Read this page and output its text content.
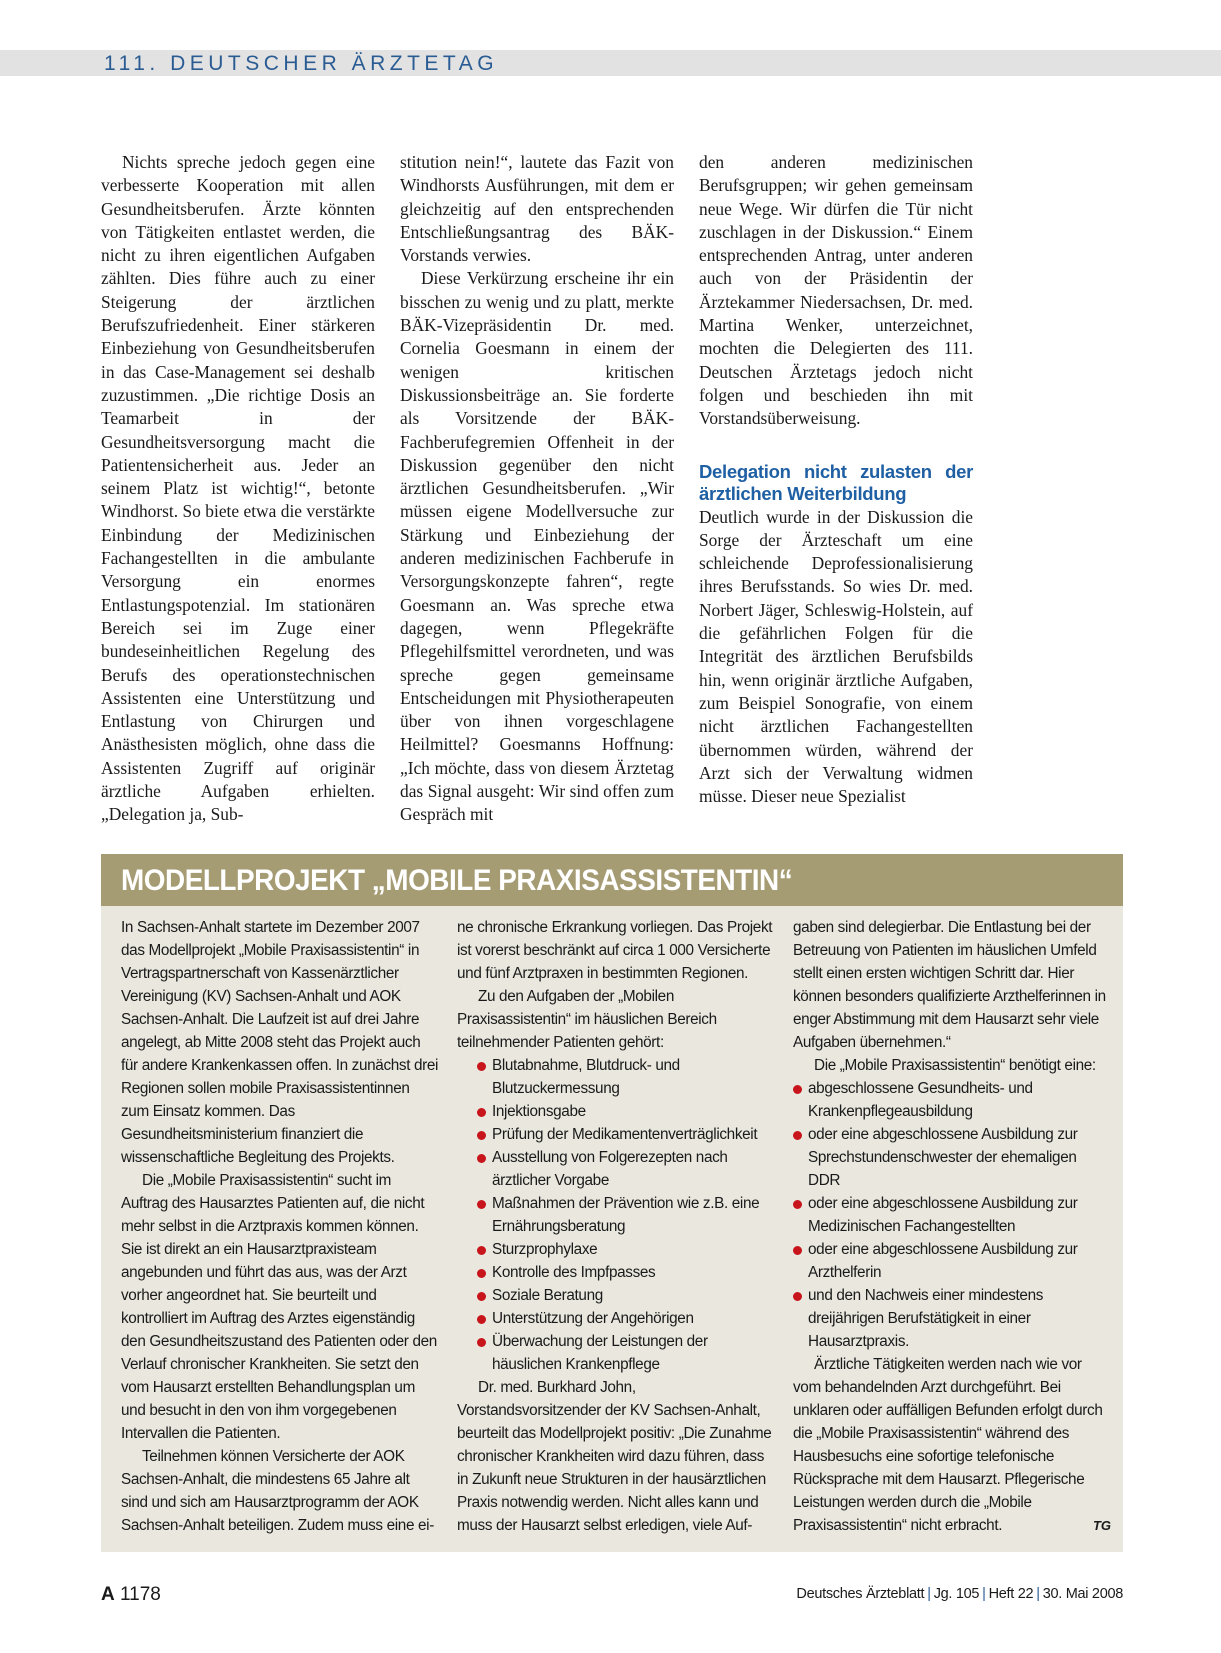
111. DEUTSCHER ÄRZTETAG

Nichts spreche jedoch gegen eine verbesserte Kooperation mit allen Gesundheitsberufen. Ärzte könnten von Tätigkeiten entlastet werden, die nicht zu ihren eigentlichen Aufgaben zählten. Dies führe auch zu einer Steigerung der ärztlichen Berufszufriedenheit. Einer stärkeren Einbeziehung von Gesundheitsberufen in das Case-Management sei deshalb zuzustimmen. „Die richtige Dosis an Teamarbeit in der Gesundheitsversorgung macht die Patientensicherheit aus. Jeder an seinem Platz ist wichtig!“, betonte Windhorst. So biete etwa die verstärkte Einbindung der Medizinischen Fachangestellten in die ambulante Versorgung ein enormes Entlastungspotenzial. Im stationären Bereich sei im Zuge einer bundeseinheitlichen Regelung des Berufs des operationstechnischen Assistenten eine Unterstützung und Entlastung von Chirurgen und Anästhesisten möglich, ohne dass die Assistenten Zugriff auf originär ärztliche Aufgaben erhielten. „Delegation ja, Sub-

stitution nein!“, lautete das Fazit von Windhorsts Ausführungen, mit dem er gleichzeitig auf den entsprechenden Entschließungsantrag des BÄK-Vorstands verwies.

Diese Verkürzung erscheine ihr ein bisschen zu wenig und zu platt, merkte BÄK-Vizepräsidentin Dr. med. Cornelia Goesmann in einem der wenigen kritischen Diskussionsbeiträge an. Sie forderte als Vorsitzende der BÄK-Fachberufegremien Offenheit in der Diskussion gegenüber den nicht ärztlichen Gesundheitsberufen. „Wir müssen eigene Modellversuche zur Stärkung und Einbeziehung der anderen medizinischen Fachberufe in Versorgungskonzepte fahren“, regte Goesmann an. Was spreche etwa dagegen, wenn Pflegekräfte Pflegehilfsmittel verordneten, und was spreche gegen gemeinsame Entscheidungen mit Physiotherapeuten über von ihnen vorgeschlagene Heilmittel? Goesmanns Hoffnung: „Ich möchte, dass von diesem Ärztetag das Signal ausgeht: Wir sind offen zum Gespräch mit

den anderen medizinischen Berufsgruppen; wir gehen gemeinsam neue Wege. Wir dürfen die Tür nicht zuschlagen in der Diskussion.“ Einem entsprechenden Antrag, unter anderen auch von der Präsidentin der Ärztekammer Niedersachsen, Dr. med. Martina Wenker, unterzeichnet, mochten die Delegierten des 111. Deutschen Ärztetags jedoch nicht folgen und beschieden ihn mit Vorstandsüberweisung.

Delegation nicht zulasten der ärztlichen Weiterbildung

Deutlich wurde in der Diskussion die Sorge der Ärzteschaft um eine schleichende Deprofessionalisierung ihres Berufsstands. So wies Dr. med. Norbert Jäger, Schleswig-Holstein, auf die gefährlichen Folgen für die Integrität des ärztlichen Berufsbilds hin, wenn originär ärztliche Aufgaben, zum Beispiel Sonografie, von einem nicht ärztlichen Fachangestellten übernommen würden, während der Arzt sich der Verwaltung widmen müsse. Dieser neue Spezialist

MODELLPROJEKT „MOBILE PRAXISASSISTENTIN“

In Sachsen-Anhalt startete im Dezember 2007 das Modellprojekt „Mobile Praxisassistentin“ in Vertragspartnerschaft von Kassenärztlicher Vereinigung (KV) Sachsen-Anhalt und AOK Sachsen-Anhalt. Die Laufzeit ist auf drei Jahre angelegt, ab Mitte 2008 steht das Projekt auch für andere Krankenkassen offen. In zunächst drei Regionen sollen mobile Praxisassistentinnen zum Einsatz kommen. Das Gesundheitsministerium finanziert die wissenschaftliche Begleitung des Projekts.

Die „Mobile Praxisassistentin“ sucht im Auftrag des Hausarztes Patienten auf, die nicht mehr selbst in die Arztpraxis kommen können. Sie ist direkt an ein Hausarztpraxisteam angebunden und führt das aus, was der Arzt vorher angeordnet hat. Sie beurteilt und kontrolliert im Auftrag des Arztes eigenständig den Gesundheitszustand des Patienten oder den Verlauf chronischer Krankheiten. Sie setzt den vom Hausarzt erstellten Behandlungsplan um und besucht in den von ihm vorgegebenen Intervallen die Patienten.

Teilnehmen können Versicherte der AOK Sachsen-Anhalt, die mindestens 65 Jahre alt sind und sich am Hausarztprogramm der AOK Sachsen-Anhalt beteiligen. Zudem muss eine ei-

ne chronische Erkrankung vorliegen. Das Projekt ist vorerst beschränkt auf circa 1 000 Versicherte und fünf Arztpraxen in bestimmten Regionen.

Zu den Aufgaben der „Mobilen Praxisassistentin“ im häuslichen Bereich teilnehmender Patienten gehört:

Blutabnahme, Blutdruck- und Blutzuckermessung
Injektionsgabe
Prüfung der Medikamentenverträglichkeit
Ausstellung von Folgerezepten nach ärztlicher Vorgabe
Maßnahmen der Prävention wie z.B. eine Ernährungsberatung
Sturzprophylaxe
Kontrolle des Impfpasses
Soziale Beratung
Unterstützung der Angehörigen
Überwachung der Leistungen der häuslichen Krankenpflege

Dr. med. Burkhard John, Vorstandsvorsitzender der KV Sachsen-Anhalt, beurteilt das Modellprojekt positiv: „Die Zunahme chronischer Krankheiten wird dazu führen, dass in Zukunft neue Strukturen in der hausärztlichen Praxis notwendig werden. Nicht alles kann und muss der Hausarzt selbst erledigen, viele Auf-

gaben sind delegierbar. Die Entlastung bei der Betreuung von Patienten im häuslichen Umfeld stellt einen ersten wichtigen Schritt dar. Hier können besonders qualifizierte Arzthelferinnen in enger Abstimmung mit dem Hausarzt sehr viele Aufgaben übernehmen.“

Die „Mobile Praxisassistentin“ benötigt eine:

abgeschlossene Gesundheits- und Krankenpflegeausbildung
oder eine abgeschlossene Ausbildung zur Sprechstundenschwester der ehemaligen DDR
oder eine abgeschlossene Ausbildung zur Medizinischen Fachangestellten
oder eine abgeschlossene Ausbildung zur Arzthelferin
und den Nachweis einer mindestens dreijährigen Berufstätigkeit in einer Hausarztpraxis.

Ärztliche Tätigkeiten werden nach wie vor vom behandelnden Arzt durchgeführt. Bei unklaren oder auffälligen Befunden erfolgt durch die „Mobile Praxisassistentin“ während des Hausbesuchs eine sofortige telefonische Rücksprache mit dem Hausarzt. Pflegerische Leistungen werden durch die „Mobile Praxisassistentin“ nicht erbracht.	TG

A 1178	Deutsches Ärzteblatt | Jg. 105 | Heft 22 | 30. Mai 2008
